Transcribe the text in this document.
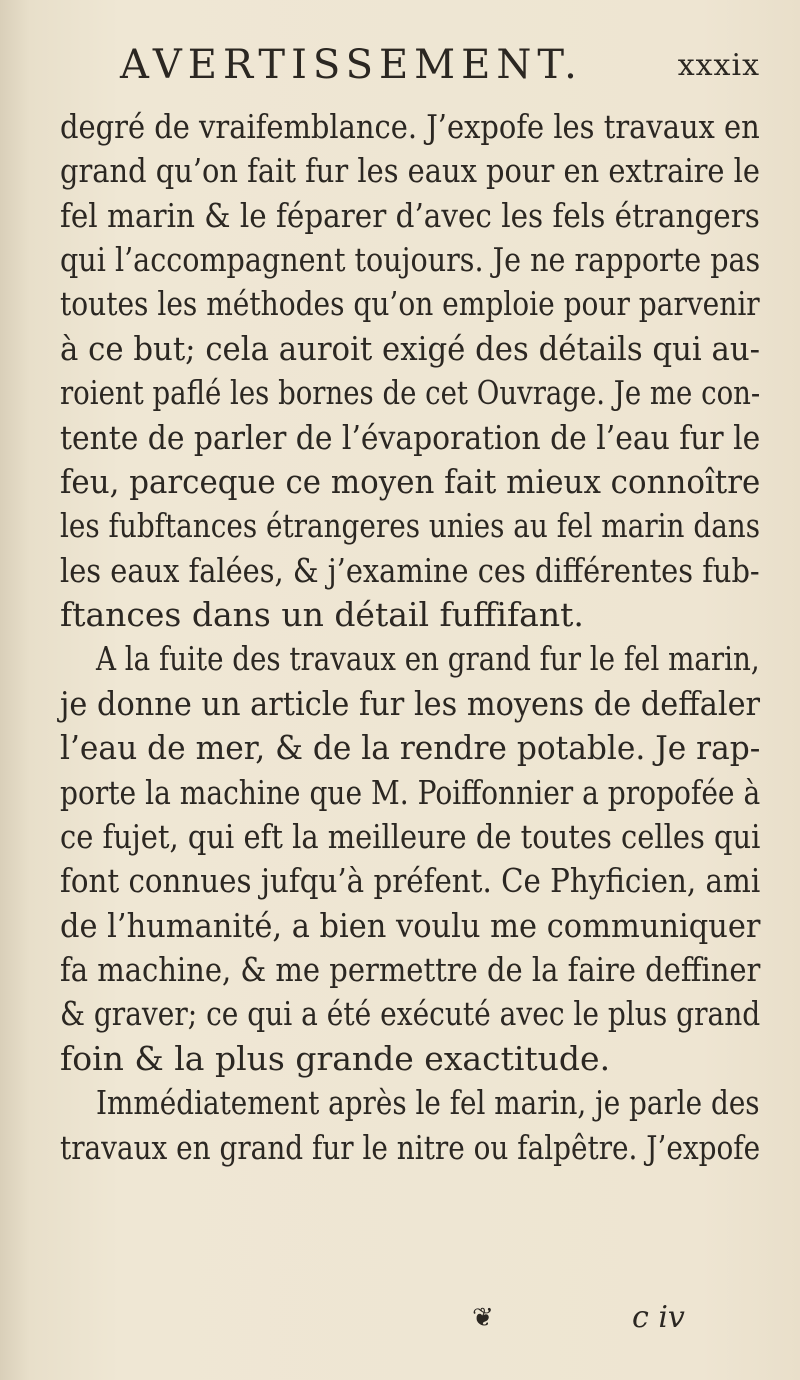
AVERTISSEMENT.	xxxix
degré de vraifemblance. J’expofe les travaux en
grand qu’on fait fur les eaux pour en extraire le
fel marin & le féparer d’avec les fels étrangers
qui l’accompagnent toujours. Je ne rapporte pas
toutes les méthodes qu’on emploie pour parvenir
à ce but; cela auroit exigé des détails qui au-
roient paflé les bornes de cet Ouvrage. Je me con-
tente de parler de l’évaporation de l’eau fur le
feu, parceque ce moyen fait mieux connoître
les fubftances étrangeres unies au fel marin dans
les eaux falées, & j’examine ces différentes fub-
ftances dans un détail fuffifant.
A la fuite des travaux en grand fur le fel marin,
je donne un article fur les moyens de deffaler
l’eau de mer, & de la rendre potable. Je rap-
porte la machine que M. Poiffonnier a propofée à
ce fujet, qui eft la meilleure de toutes celles qui
font connues jufqu’à préfent. Ce Phyficien, ami
de l’humanité, a bien voulu me communiquer
fa machine, & me permettre de la faire deffiner
& graver; ce qui a été exécuté avec le plus grand
foin & la plus grande exactitude.
Immédiatement après le fel marin, je parle des
travaux en grand fur le nitre ou falpêtre. J’expofe
❦	c iv
